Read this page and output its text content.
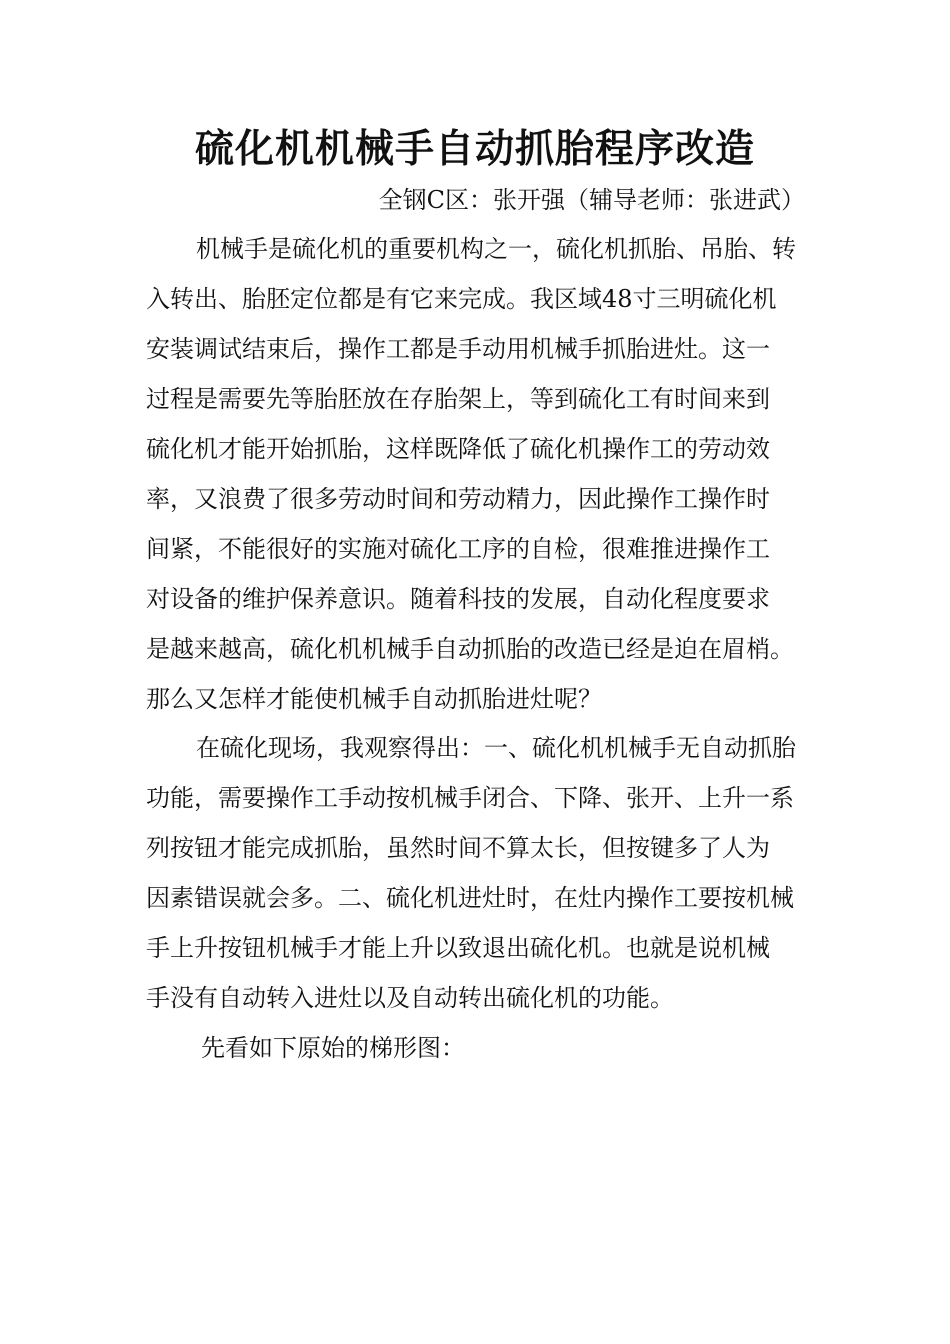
硫化机机械手自动抓胎程序改造

全钢C区：张开强（辅导老师：张进武）

机械手是硫化机的重要机构之一，硫化机抓胎、吊胎、转

入转出、胎胚定位都是有它来完成。我区域48寸三明硫化机

安装调试结束后，操作工都是手动用机械手抓胎进灶。这一

过程是需要先等胎胚放在存胎架上，等到硫化工有时间来到

硫化机才能开始抓胎，这样既降低了硫化机操作工的劳动效

率，又浪费了很多劳动时间和劳动精力，因此操作工操作时

间紧，不能很好的实施对硫化工序的自检，很难推进操作工

对设备的维护保养意识。随着科技的发展，自动化程度要求

是越来越高，硫化机机械手自动抓胎的改造已经是迫在眉梢。

那么又怎样才能使机械手自动抓胎进灶呢？

在硫化现场，我观察得出：一、硫化机机械手无自动抓胎

功能，需要操作工手动按机械手闭合、下降、张开、上升一系

列按钮才能完成抓胎，虽然时间不算太长，但按键多了人为

因素错误就会多。二、硫化机进灶时，在灶内操作工要按机械

手上升按钮机械手才能上升以致退出硫化机。也就是说机械

手没有自动转入进灶以及自动转出硫化机的功能。

先看如下原始的梯形图：
